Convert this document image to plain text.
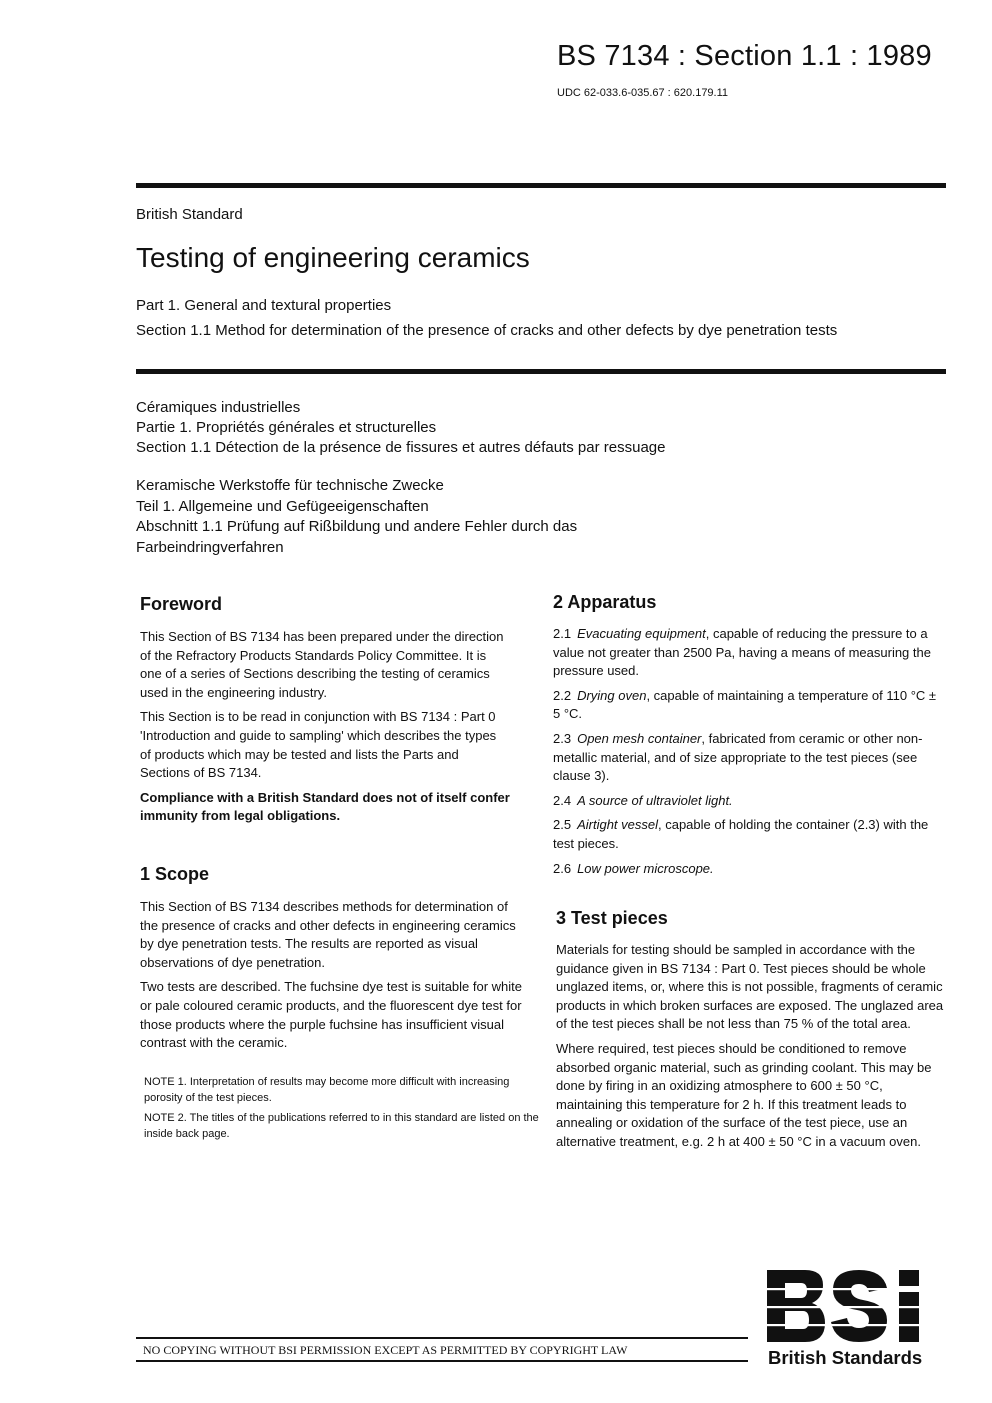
BS 7134 : Section 1.1 : 1989
UDC 62-033.6-035.67 : 620.179.11
British Standard
Testing of engineering ceramics
Part 1. General and textural properties
Section 1.1 Method for determination of the presence of cracks and other defects by dye penetration tests
Céramiques industrielles
Partie 1. Propriétés générales et structurelles
Section 1.1 Détection de la présence de fissures et autres défauts par ressuage
Keramische Werkstoffe für technische Zwecke
Teil 1. Allgemeine und Gefügeeigenschaften
Abschnitt 1.1 Prüfung auf Rißbildung und andere Fehler durch das
Farbeindringverfahren
Foreword

This Section of BS 7134 has been prepared under the direction of the Refractory Products Standards Policy Committee. It is one of a series of Sections describing the testing of ceramics used in the engineering industry.

This Section is to be read in conjunction with BS 7134 : Part 0 'Introduction and guide to sampling' which describes the types of products which may be tested and lists the Parts and Sections of BS 7134.

Compliance with a British Standard does not of itself confer immunity from legal obligations.

1 Scope

This Section of BS 7134 describes methods for determination of the presence of cracks and other defects in engineering ceramics by dye penetration tests. The results are reported as visual observations of dye penetration.

Two tests are described. The fuchsine dye test is suitable for white or pale coloured ceramic products, and the fluorescent dye test for those products where the purple fuchsine has insufficient visual contrast with the ceramic.

NOTE 1. Interpretation of results may become more difficult with increasing porosity of the test pieces.

NOTE 2. The titles of the publications referred to in this standard are listed on the inside back page.

2 Apparatus

2.1 Evacuating equipment, capable of reducing the pressure to a value not greater than 2500 Pa, having a means of measuring the pressure used.

2.2 Drying oven, capable of maintaining a temperature of 110 °C ± 5 °C.

2.3 Open mesh container, fabricated from ceramic or other non-metallic material, and of size appropriate to the test pieces (see clause 3).

2.4 A source of ultraviolet light.

2.5 Airtight vessel, capable of holding the container (2.3) with the test pieces.

2.6 Low power microscope.

3 Test pieces

Materials for testing should be sampled in accordance with the guidance given in BS 7134 : Part 0. Test pieces should be whole unglazed items, or, where this is not possible, fragments of ceramic products in which broken surfaces are exposed. The unglazed area of the test pieces shall be not less than 75 % of the total area.

Where required, test pieces should be conditioned to remove absorbed organic material, such as grinding coolant. This may be done by firing in an oxidizing atmosphere to 600 ± 50 °C, maintaining this temperature for 2 h. If this treatment leads to annealing or oxidation of the surface of the test piece, use an alternative treatment, e.g. 2 h at 400 ± 50 °C in a vacuum oven.

NO COPYING WITHOUT BSI PERMISSION EXCEPT AS PERMITTED BY COPYRIGHT LAW	British Standards
